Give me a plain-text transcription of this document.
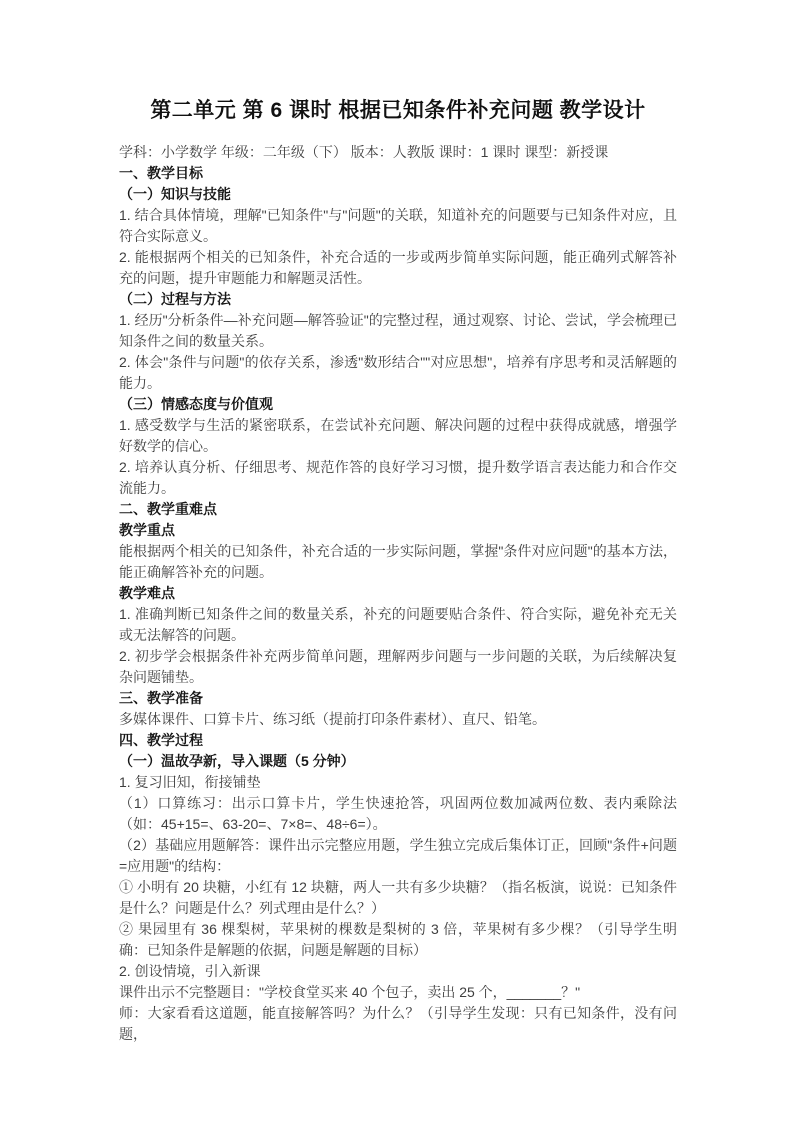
第二单元 第 6 课时 根据已知条件补充问题 教学设计

学科：小学数学 年级：二年级（下） 版本：人教版 课时：1 课时 课型：新授课

一、教学目标

（一）知识与技能

1. 结合具体情境，理解"已知条件"与"问题"的关联，知道补充的问题要与已知条件对应，且符合实际意义。

2. 能根据两个相关的已知条件，补充合适的一步或两步简单实际问题，能正确列式解答补充的问题，提升审题能力和解题灵活性。

（二）过程与方法

1. 经历"分析条件—补充问题—解答验证"的完整过程，通过观察、讨论、尝试，学会梳理已知条件之间的数量关系。

2. 体会"条件与问题"的依存关系，渗透"数形结合""对应思想"，培养有序思考和灵活解题的能力。

（三）情感态度与价值观

1. 感受数学与生活的紧密联系，在尝试补充问题、解决问题的过程中获得成就感，增强学好数学的信心。

2. 培养认真分析、仔细思考、规范作答的良好学习习惯，提升数学语言表达能力和合作交流能力。

二、教学重难点

教学重点

能根据两个相关的已知条件，补充合适的一步实际问题，掌握"条件对应问题"的基本方法，能正确解答补充的问题。

教学难点

1. 准确判断已知条件之间的数量关系，补充的问题要贴合条件、符合实际，避免补充无关或无法解答的问题。

2. 初步学会根据条件补充两步简单问题，理解两步问题与一步问题的关联，为后续解决复杂问题铺垫。

三、教学准备

多媒体课件、口算卡片、练习纸（提前打印条件素材）、直尺、铅笔。

四、教学过程

（一）温故孕新，导入课题（5 分钟）

1. 复习旧知，衔接铺垫

（1）口算练习：出示口算卡片，学生快速抢答，巩固两位数加减两位数、表内乘除法（如：45+15=、63-20=、7×8=、48÷6=）。

（2）基础应用题解答：课件出示完整应用题，学生独立完成后集体订正，回顾"条件+问题=应用题"的结构：

① 小明有 20 块糖，小红有 12 块糖，两人一共有多少块糖？（指名板演，说说：已知条件是什么？问题是什么？列式理由是什么？）

② 果园里有 36 棵梨树，苹果树的棵数是梨树的 3 倍，苹果树有多少棵？（引导学生明确：已知条件是解题的依据，问题是解题的目标）

2. 创设情境，引入新课

课件出示不完整题目："学校食堂买来 40 个包子，卖出 25 个，_______？"

师：大家看看这道题，能直接解答吗？为什么？（引导学生发现：只有已知条件，没有问题，
